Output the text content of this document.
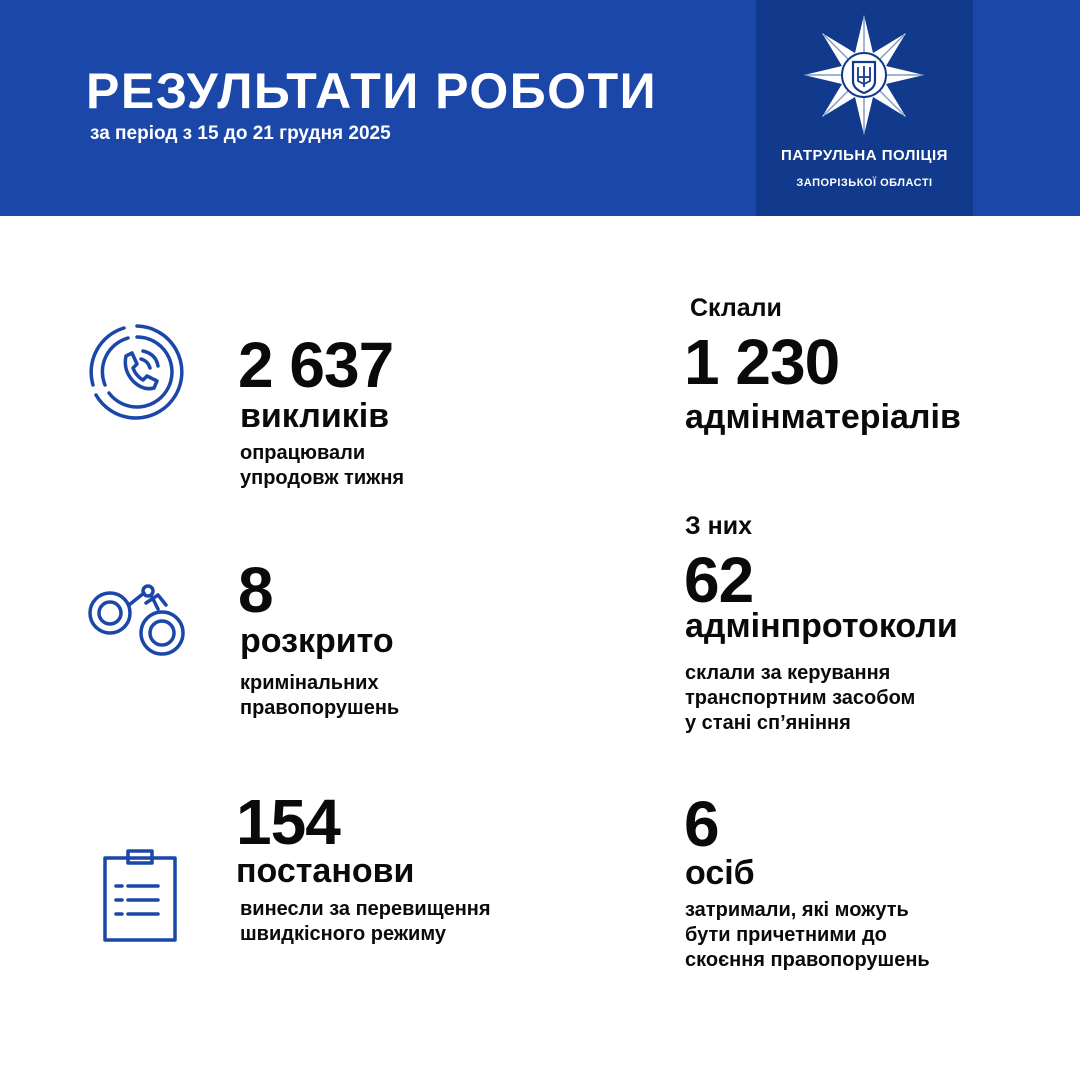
РЕЗУЛЬТАТИ РОБОТИ

за період з 15 до 21 грудня 2025

ПАТРУЛЬНА ПОЛІЦІЯ
ЗАПОРІЗЬКОЇ ОБЛАСТІ
2 637
викликів
опрацювали
упродовж тижня
8
розкрито
кримінальних
правопорушень
154
постанови
винесли за перевищення
швидкісного режиму
Склали
1 230
адмінматеріалів
З них
62
адмінпротоколи
склали за керування
транспортним засобом
у стані сп’яніння
6
осіб
затримали, які можуть
бути причетними до
скоєння правопорушень
